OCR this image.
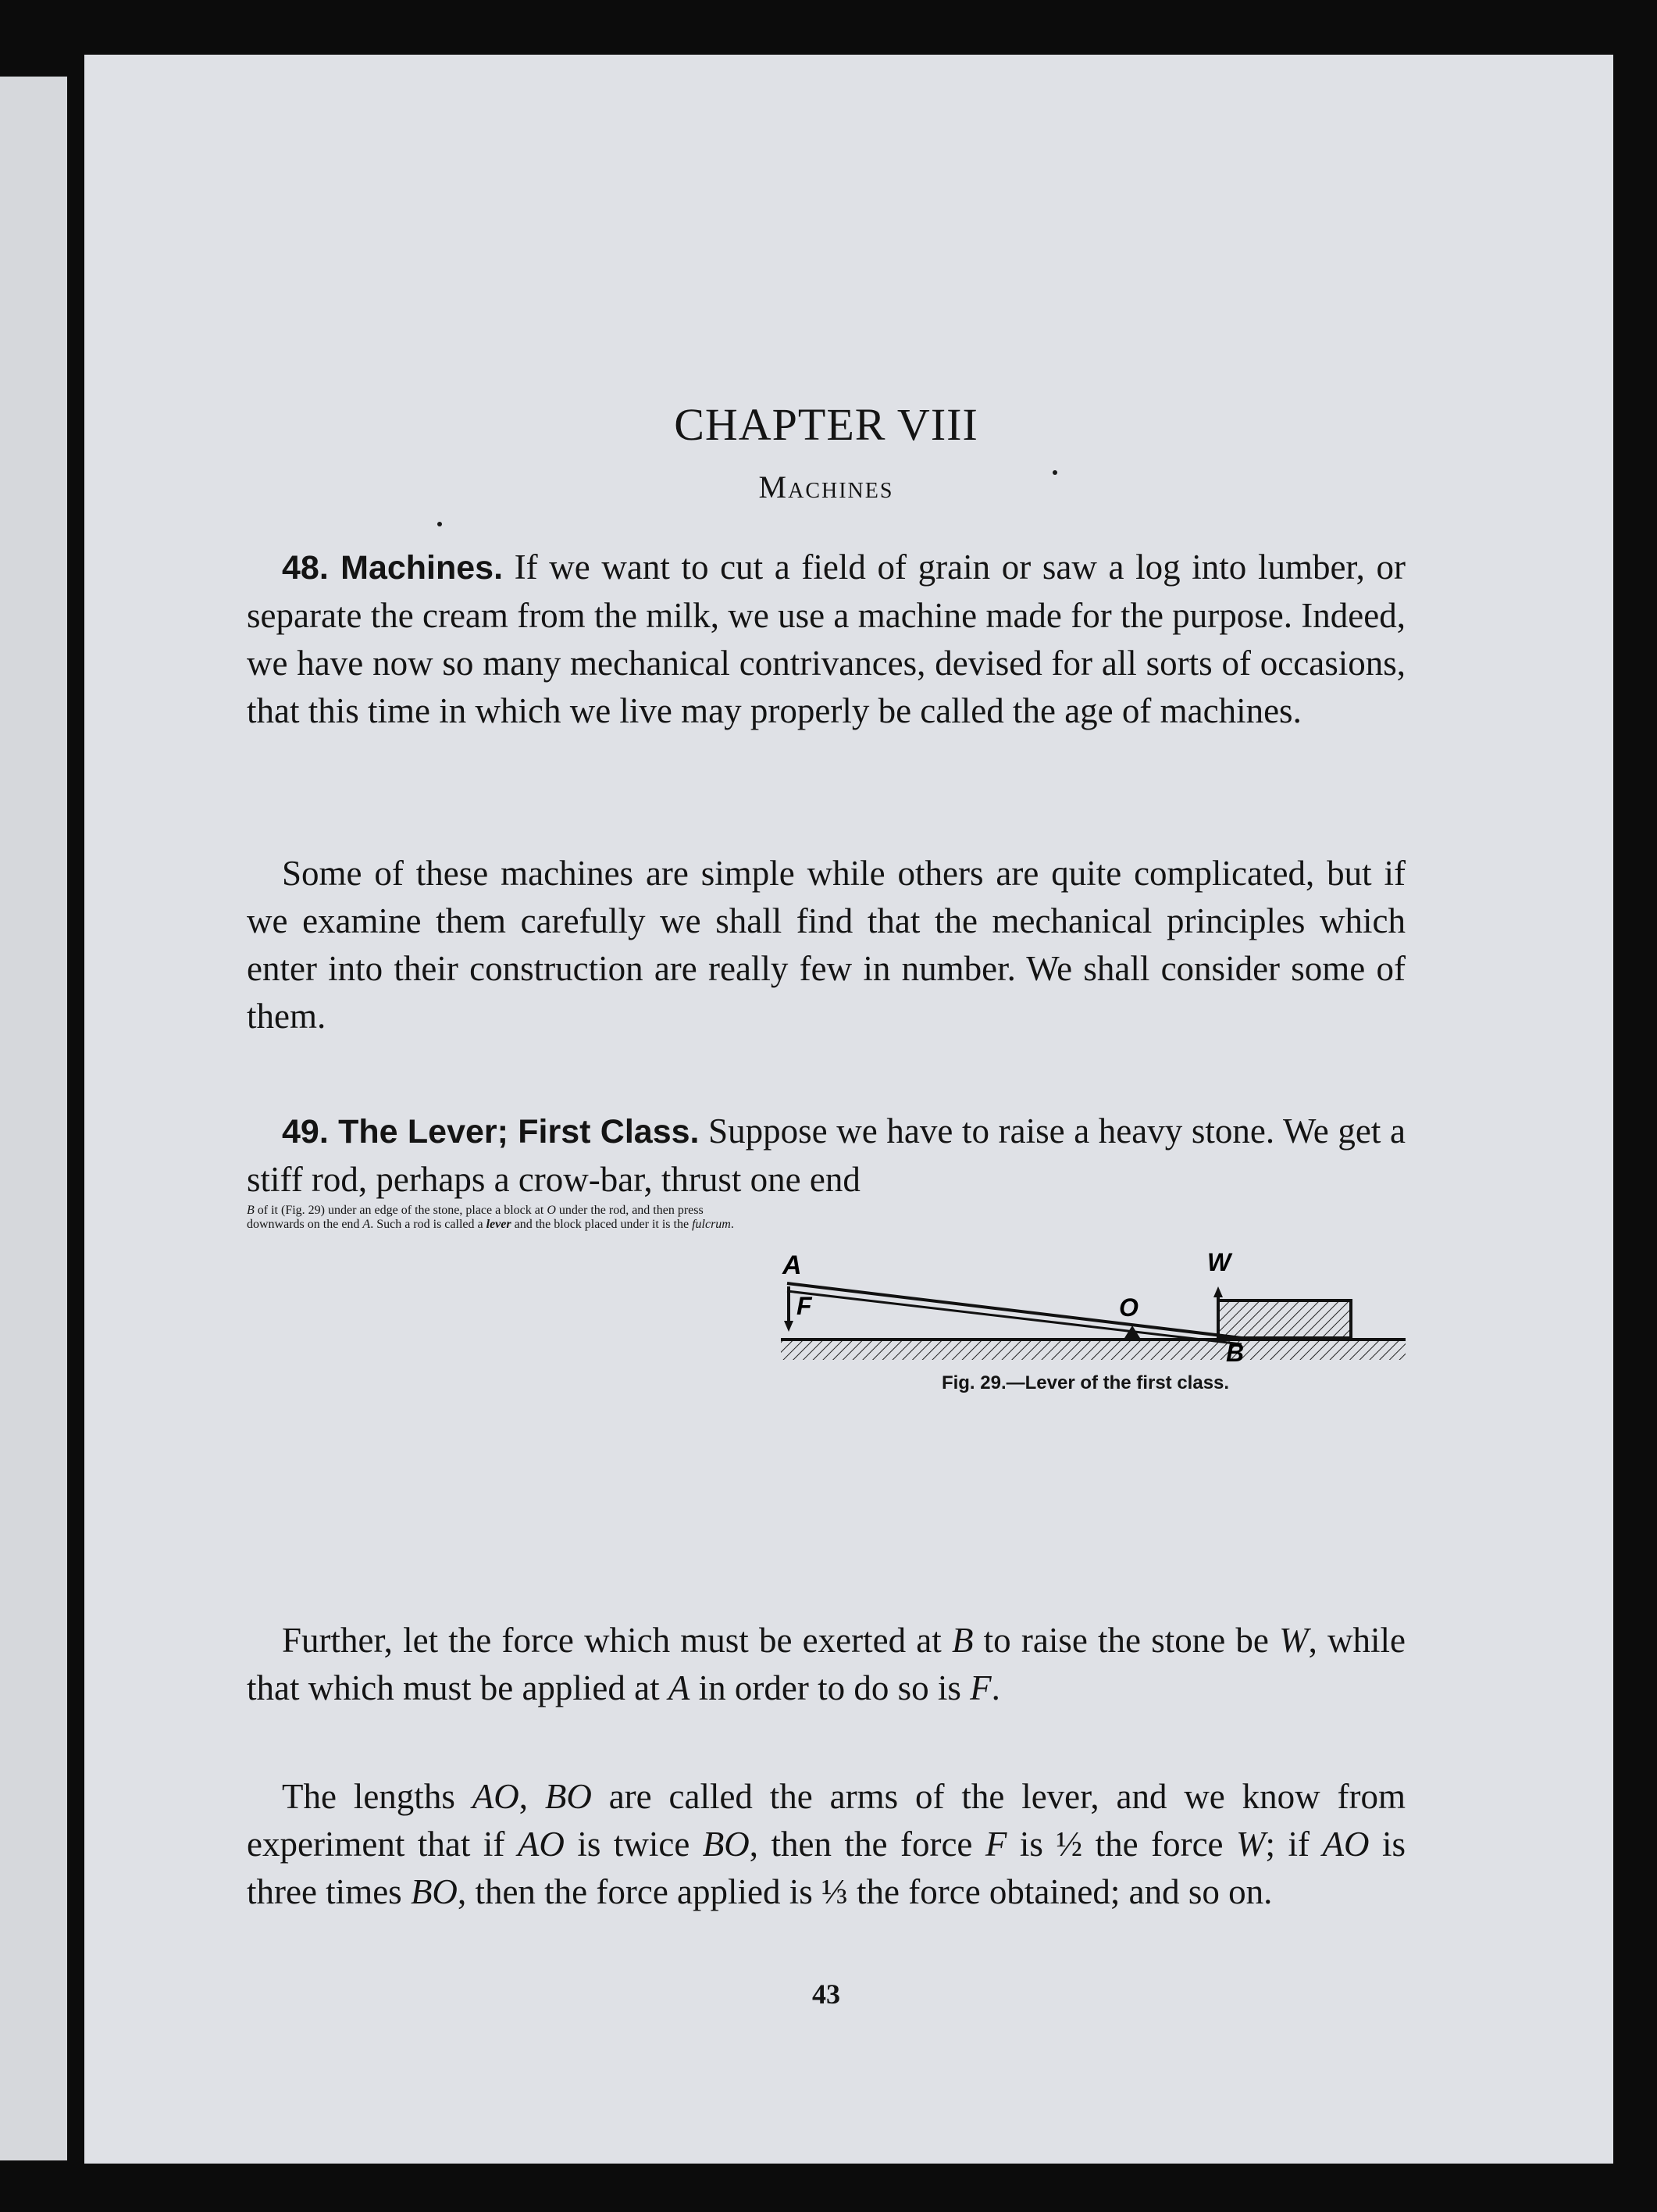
CHAPTER VIII
Machines

 48. Machines. If we want to cut a field of grain or saw a log into lumber, or separate the cream from the milk, we use a machine made for the purpose. Indeed, we have now so many mechanical contrivances, devised for all sorts of occasions, that this time in which we live may properly be called the age of machines.

 Some of these machines are simple while others are quite complicated, but if we examine them carefully we shall find that the mechanical principles which enter into their construction are really few in number. We shall consider some of them.

 49. The Lever; First Class. Suppose we have to raise a heavy stone. We get a stiff rod, perhaps a crow-bar, thrust one end

A
F	O
W
B
Fig. 29.—Lever of the first class.
B of it (Fig. 29) under an edge of the stone, place a block at O under the rod, and then press downwards on the end A. Such a rod is called a lever and the block placed under it is the fulcrum.

 Further, let the force which must be exerted at B to raise the stone be W, while that which must be applied at A in order to do so is F.

 The lengths AO, BO are called the arms of the lever, and we know from experiment that if AO is twice BO, then the force F is ½ the force W; if AO is three times BO, then the force applied is ⅓ the force obtained; and so on.

43
